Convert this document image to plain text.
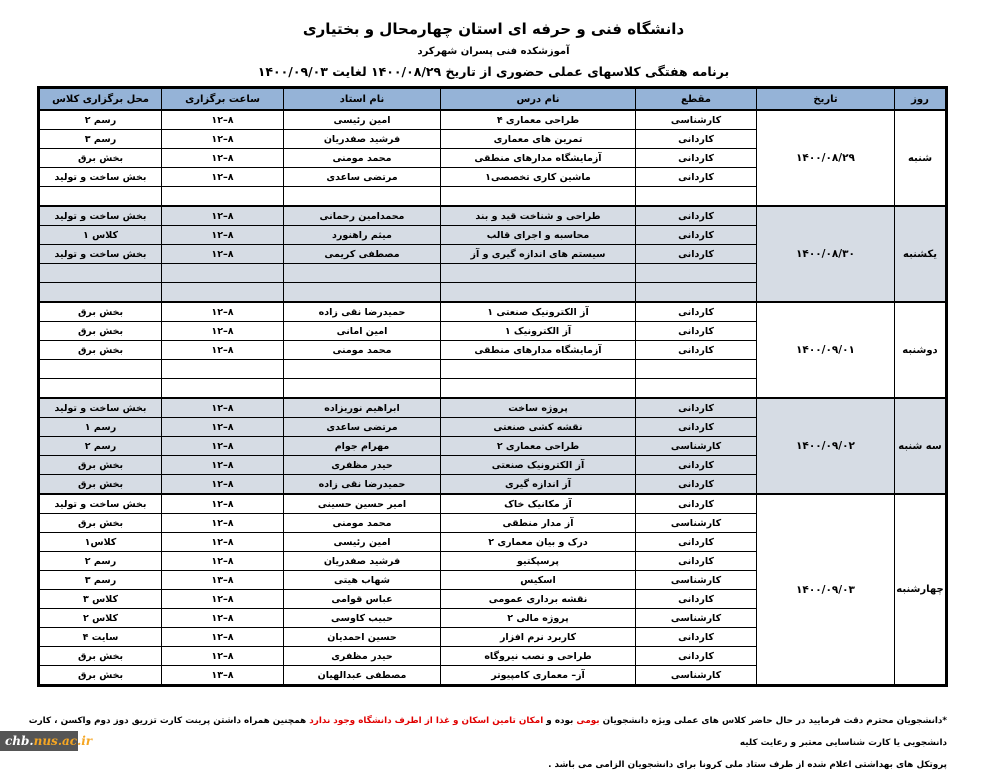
دانشگاه فنی و حرفه ای استان چهارمحال و بختیاری
آموزشکده فنی پسران شهرکرد
برنامه هفتگی کلاسهای عملی حضوری از تاریخ ۱۴۰۰/۰۸/۲۹ لغایت ۱۴۰۰/۰۹/۰۳
روز	تاریخ	مقطع	نام درس	نام استاد	ساعت برگزاری	محل برگزاری کلاس
شنبه	۱۴۰۰/۰۸/۲۹	کارشناسی	طراحی معماری ۴	امین رئیسی	۸–۱۲	رسم ۲
		کاردانی	تمرین های معماری	فرشید صفدریان	۸–۱۲	رسم ۳
		کاردانی	آزمایشگاه مدارهای منطقی	محمد مومنی	۸–۱۲	بخش برق
		کاردانی	ماشین کاری تخصصی۱	مرتضی ساعدی	۸–۱۲	بخش ساخت و تولید

یکشنبه	۱۴۰۰/۰۸/۳۰	کاردانی	طراحی و شناخت قید و بند	محمدامین رحمانی	۸–۱۲	بخش ساخت و تولید
		کاردانی	محاسبه و اجرای قالب	میثم راهنورد	۸–۱۲	کلاس ۱
		کاردانی	سیستم های اندازه گیری و آز	مصطفی کریمی	۸–۱۲	بخش ساخت و تولید

دوشنبه	۱۴۰۰/۰۹/۰۱	کاردانی	آز الکترونیک صنعتی ۱	حمیدرضا نقی زاده	۸–۱۲	بخش برق
		کاردانی	آز الکترونیک ۱	امین امانی	۸–۱۲	بخش برق
		کاردانی	آزمایشگاه مدارهای منطقی	محمد مومنی	۸–۱۲	بخش برق

سه شنبه	۱۴۰۰/۰۹/۰۲	کاردانی	پروژه ساخت	ابراهیم نوریزاده	۸–۱۲	بخش ساخت و تولید
		کاردانی	نقشه کشی صنعتی	مرتضی ساعدی	۸–۱۲	رسم ۱
		کارشناسی	طراحی معماری ۲	مهرام جوام	۸–۱۲	رسم ۲
		کاردانی	آز الکترونیک صنعتی	حیدر مظفری	۸–۱۲	بخش برق
		کاردانی	آز اندازه گیری	حمیدرضا نقی زاده	۸–۱۲	بخش برق
چهارشنبه	۱۴۰۰/۰۹/۰۳	کاردانی	آز مکانیک خاک	امیر حسین حسینی	۸–۱۲	بخش ساخت و تولید
		کارشناسی	آز مدار منطقی	محمد مومنی	۸–۱۲	بخش برق
		کاردانی	درک و بیان معماری ۲	امین رئیسی	۸–۱۲	کلاس۱
		کاردانی	پرسپکتیو	فرشید صفدریان	۸–۱۲	رسم ۲
		کارشناسی	اسکیس	شهاب هیتی	۸–۱۳	رسم ۳
		کاردانی	نقشه برداری عمومی	عباس قوامی	۸–۱۲	کلاس ۳
		کارشناسی	پروژه مالی ۲	حبیب کاوسی	۸–۱۲	کلاس ۲
		کاردانی	کاربرد نرم افزار	حسین احمدیان	۸–۱۲	سایت ۴
		کاردانی	طراحی و نصب نیروگاه	حیدر مظفری	۸–۱۲	بخش برق
		کارشناسی	آز– معماری کامپیوتر	مصطفی عبدالهیان	۸–۱۳	بخش برق
*دانشجویان محترم دقت فرمایید در حال حاضر کلاس های عملی ویژه دانشجویان بومی بوده و امکان تامین اسکان و غذا از اطرف دانشگاه وجود ندارد همچنین همراه داشتن پرینت کارت تزریق دوز دوم واکسن ، کارت دانشجویی یا کارت شناسایی معتبر و رعایت کلیه
پروتکل های بهداشتی اعلام شده از طرف ستاد ملی کرونا برای دانشجویان الزامی می باشد .
chb.nus.ac.ir
